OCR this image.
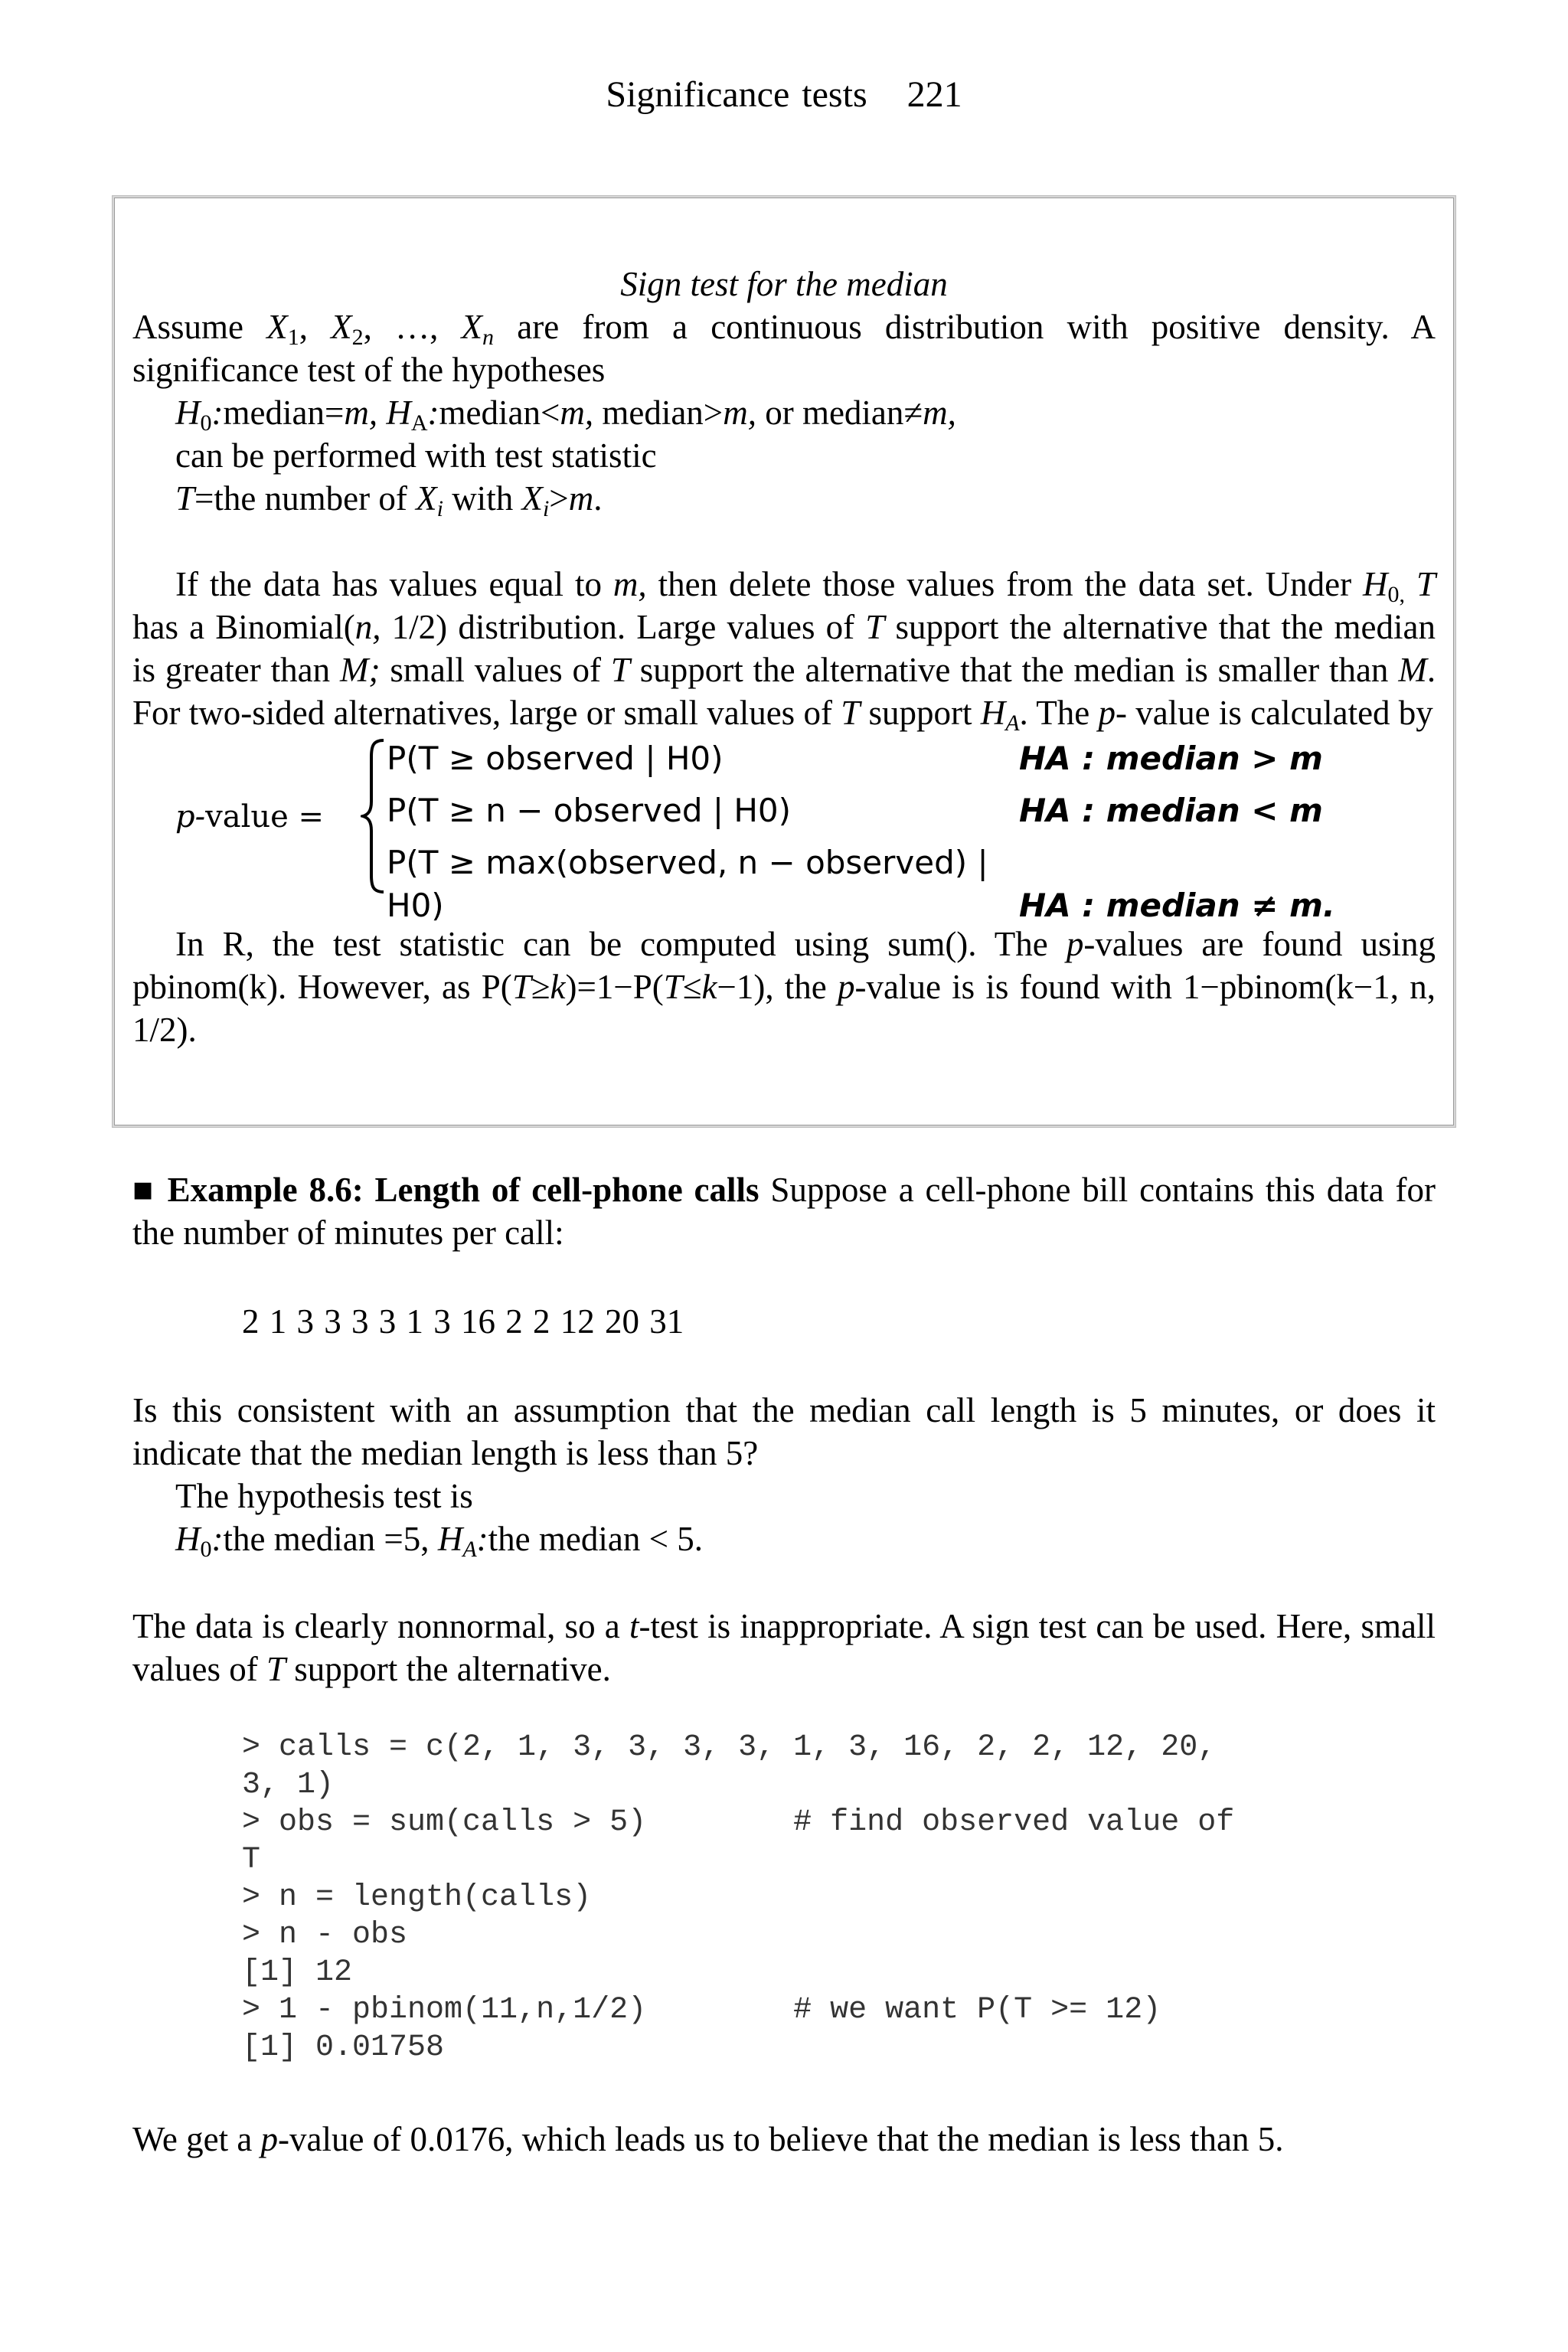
Significance tests 221
Sign test for the median
Assume $X_1$, $X_2$, …, $X_n$ are from a continuous distribution with positive density. A
significance test of the hypotheses
$H_0:median=m$, $H_A:median<m$, median>m, or median≠m,
can be performed with test statistic
T=the number of $X_i$ with $X_i>m$.
If the data has values equal to m, then delete those values from the data set. Under $H_{0,}$ T has a Binomial(n, 1/2) distribution. Large values of T support the alternative that the median is greater than M; small values of T support the alternative that the median is smaller than M. For two-sided alternatives, large or small values of T support $H_A$. The p- value is calculated by
p-value =
P(T ≥ observed | H0)	HA : median > m
P(T ≥ n − observed | H0)	HA : median < m
P(T ≥ max(observed, n − observed) | H0)	HA : median ≠ m.
In R, the test statistic can be computed using sum(). The p-values are found using pbinom(k). However, as P(T≥k)=1−P(T≤k−1), the p-value is is found with 1−pbinom(k−1, n, 1/2).
■ Example 8.6: Length of cell-phone calls Suppose a cell-phone bill contains this data for the number of minutes per call:
2 1 3 3 3 3 1 3 16 2 2 12 20 31
Is this consistent with an assumption that the median call length is 5 minutes, or does it indicate that the median length is less than 5?
The hypothesis test is
$H_0:the$ median =5, $H_A:the$ median < 5.
The data is clearly nonnormal, so a t-test is inappropriate. A sign test can be used. Here, small values of T support the alternative.
> calls = c(2, 1, 3, 3, 3, 3, 1, 3, 16, 2, 2, 12, 20,
3, 1)
> obs = sum(calls > 5)        # find observed value of
T
> n = length(calls)
> n - obs
[1] 12
> 1 - pbinom(11,n,1/2)        # we want P(T >= 12)
[1] 0.01758
We get a p-value of 0.0176, which leads us to believe that the median is less than 5.
